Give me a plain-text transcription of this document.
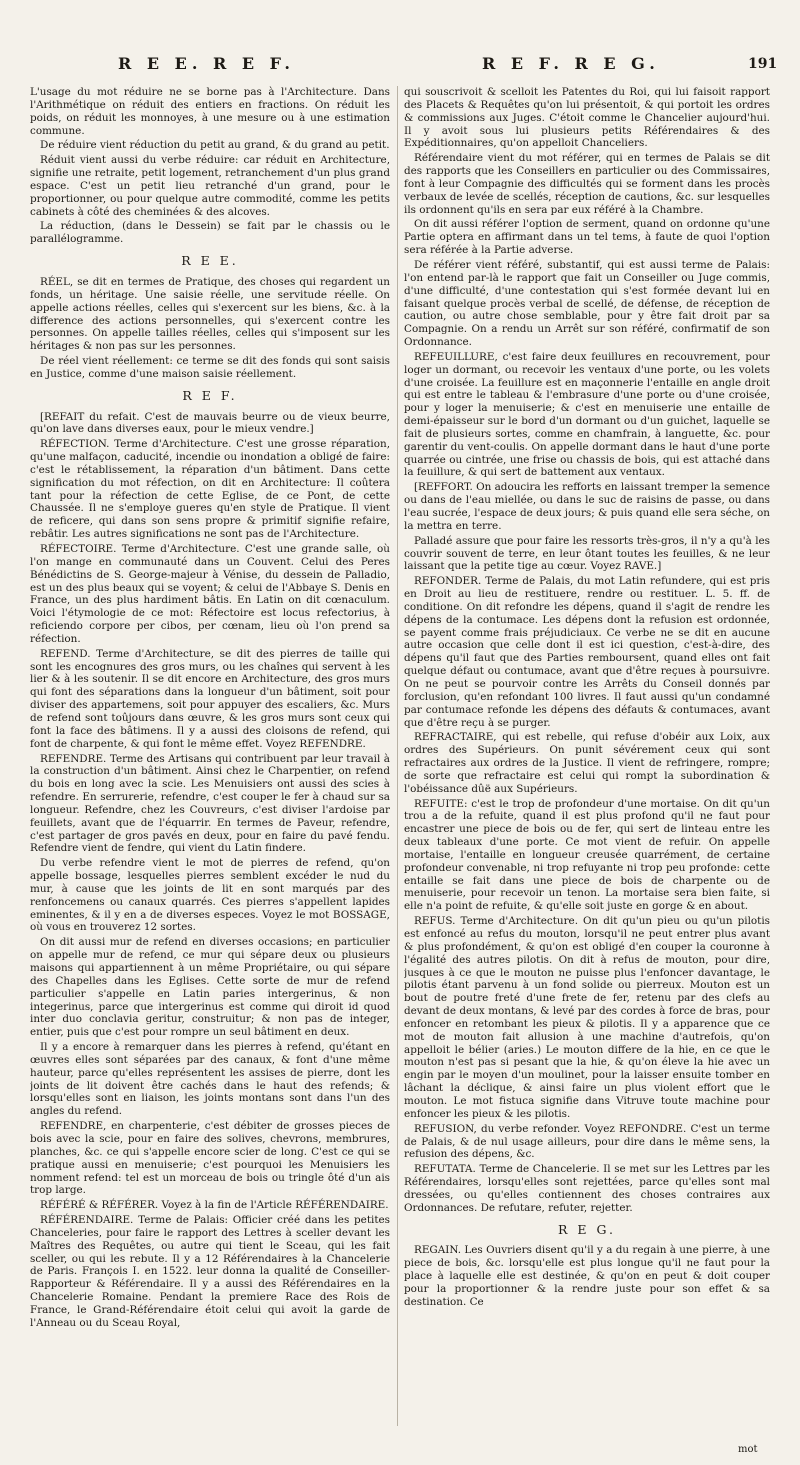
R E E. R E F.	R E F. R E G.	191

L'usage du mot réduire ne se borne pas à l'Architecture. Dans l'Arithmétique on réduit des entiers en fractions. On réduit les poids, on réduit les monnoyes, à une mesure ou à une estimation commune.

De réduire vient réduction du petit au grand, & du grand au petit.

Réduit vient aussi du verbe réduire: car réduit en Architecture, signifie une retraite, petit logement, retranchement d'un plus grand espace. C'est un petit lieu retranché d'un grand, pour le proportionner, ou pour quelque autre commodité, comme les petits cabinets à côté des cheminées & des alcoves.

La réduction, (dans le Dessein) se fait par le chassis ou le parallélogramme.

R E E.

RÉEL, se dit en termes de Pratique, des choses qui regardent un fonds, un héritage. Une saisie réelle, une servitude réelle. On appelle actions réelles, celles qui s'exercent sur les biens, &c. à la difference des actions personnelles, qui s'exercent contre les personnes. On appelle tailles réelles, celles qui s'imposent sur les héritages & non pas sur les personnes.

De réel vient réellement: ce terme se dit des fonds qui sont saisis en Justice, comme d'une maison saisie réellement.

R E F.

[REFAIT du refait. C'est de mauvais beurre ou de vieux beurre, qu'on lave dans diverses eaux, pour le mieux vendre.]

RÉFECTION. Terme d'Architecture. C'est une grosse réparation, qu'une malfaçon, caducité, incendie ou inondation a obligé de faire: c'est le rétablissement, la réparation d'un bâtiment. Dans cette signification du mot réfection, on dit en Architecture: Il coûtera tant pour la réfection de cette Eglise, de ce Pont, de cette Chaussée. Il ne s'employe gueres qu'en style de Pratique. Il vient de reficere, qui dans son sens propre & primitif signifie refaire, rebâtir. Les autres significations ne sont pas de l'Architecture.

RÉFECTOIRE. Terme d'Architecture. C'est une grande salle, où l'on mange en communauté dans un Couvent. Celui des Peres Bénédictins de S. George-majeur à Vénise, du dessein de Palladio, est un des plus beaux qui se voyent; & celui de l'Abbaye S. Denis en France, un des plus hardiment bâtis. En Latin on dit cœnaculum. Voici l'étymologie de ce mot: Réfectoire est locus refectorius, à reficiendo corpore per cibos, per cœnam, lieu où l'on prend sa réfection.

REFEND. Terme d'Architecture, se dit des pierres de taille qui sont les encognures des gros murs, ou les chaînes qui servent à les lier & à les soutenir. Il se dit encore en Architecture, des gros murs qui font des séparations dans la longueur d'un bâtiment, soit pour diviser des appartemens, soit pour appuyer des escaliers, &c. Murs de refend sont toûjours dans œuvre, & les gros murs sont ceux qui font la face des bâtimens. Il y a aussi des cloisons de refend, qui font de charpente, & qui font le même effet. Voyez REFENDRE.

REFENDRE. Terme des Artisans qui contribuent par leur travail à la construction d'un bâtiment. Ainsi chez le Charpentier, on refend du bois en long avec la scie. Les Menuisiers ont aussi des scies à refendre. En serrurerie, refendre, c'est couper le fer à chaud sur sa longueur. Refendre, chez les Couvreurs, c'est diviser l'ardoise par feuillets, avant que de l'équarrir. En termes de Paveur, refendre, c'est partager de gros pavés en deux, pour en faire du pavé fendu. Refendre vient de fendre, qui vient du Latin findere.

Du verbe refendre vient le mot de pierres de refend, qu'on appelle bossage, lesquelles pierres semblent excéder le nud du mur, à cause que les joints de lit en sont marqués par des renfoncemens ou canaux quarrés. Ces pierres s'appellent lapides eminentes, & il y en a de diverses especes. Voyez le mot BOSSAGE, où vous en trouverez 12 sortes.

On dit aussi mur de refend en diverses occasions; en particulier on appelle mur de refend, ce mur qui sépare deux ou plusieurs maisons qui appartiennent à un même Propriétaire, ou qui sépare des Chapelles dans les Eglises. Cette sorte de mur de refend particulier s'appelle en Latin paries intergerinus, & non integerinus, parce que intergerinus est comme qui diroit id quod inter duo conclavia geritur, construitur; & non pas de integer, entier, puis que c'est pour rompre un seul bâtiment en deux.

Il y a encore à remarquer dans les pierres à refend, qu'étant en œuvres elles sont séparées par des canaux, & font d'une même hauteur, parce qu'elles représentent les assises de pierre, dont les joints de lit doivent être cachés dans le haut des refends; & lorsqu'elles sont en liaison, les joints montans sont dans l'un des angles du refend.

REFENDRE, en charpenterie, c'est débiter de grosses pieces de bois avec la scie, pour en faire des solives, chevrons, membrures, planches, &c. ce qui s'appelle encore scier de long. C'est ce qui se pratique aussi en menuiserie; c'est pourquoi les Menuisiers les nomment refend: tel est un morceau de bois ou tringle ôté d'un ais trop large.

RÉFÉRÉ & RÉFÉRER. Voyez à la fin de l'Article RÉFÉRENDAIRE.

RÉFÉRENDAIRE. Terme de Palais: Officier créé dans les petites Chanceleries, pour faire le rapport des Lettres à sceller devant les Maîtres des Requêtes, ou autre qui tient le Sceau, qui les fait sceller, ou qui les rebute. Il y a 12 Référendaires à la Chancelerie de Paris. François I. en 1522. leur donna la qualité de Conseiller-Rapporteur & Référendaire. Il y a aussi des Référendaires en la Chancelerie Romaine. Pendant la premiere Race des Rois de France, le Grand-Référendaire étoit celui qui avoit la garde de l'Anneau ou du Sceau Royal,

qui souscrivoit & scelloit les Patentes du Roi, qui lui faisoit rapport des Placets & Requêtes qu'on lui présentoit, & qui portoit les ordres & commissions aux Juges. C'étoit comme le Chancelier aujourd'hui. Il y avoit sous lui plusieurs petits Référendaires & des Expéditionnaires, qu'on appelloit Chanceliers.

Référendaire vient du mot référer, qui en termes de Palais se dit des rapports que les Conseillers en particulier ou des Commissaires, font à leur Compagnie des difficultés qui se forment dans les procès verbaux de levée de scellés, réception de cautions, &c. sur lesquelles ils ordonnent qu'ils en sera par eux référé à la Chambre.

On dit aussi référer l'option de serment, quand on ordonne qu'une Partie optera en affirmant dans un tel tems, à faute de quoi l'option sera référée à la Partie adverse.

De référer vient référé, substantif, qui est aussi terme de Palais: l'on entend par-là le rapport que fait un Conseiller ou Juge commis, d'une difficulté, d'une contestation qui s'est formée devant lui en faisant quelque procès verbal de scellé, de défense, de réception de caution, ou autre chose semblable, pour y être fait droit par sa Compagnie. On a rendu un Arrêt sur son référé, confirmatif de son Ordonnance.

REFEUILLURE, c'est faire deux feuillures en recouvrement, pour loger un dormant, ou recevoir les ventaux d'une porte, ou les volets d'une croisée. La feuillure est en maçonnerie l'entaille en angle droit qui est entre le tableau & l'embrasure d'une porte ou d'une croisée, pour y loger la menuiserie; & c'est en menuiserie une entaille de demi-épaisseur sur le bord d'un dormant ou d'un guichet, laquelle se fait de plusieurs sortes, comme en chamfrain, à languette, &c. pour garentir du vent-coulis. On appelle dormant dans le haut d'une porte quarrée ou cintrée, une frise ou chassis de bois, qui est attaché dans la feuillure, & qui sert de battement aux ventaux.

[REFFORT. On adoucira les refforts en laissant tremper la semence ou dans de l'eau miellée, ou dans le suc de raisins de passe, ou dans l'eau sucrée, l'espace de deux jours; & puis quand elle sera séche, on la mettra en terre.

Palladé assure que pour faire les ressorts très-gros, il n'y a qu'à les couvrir souvent de terre, en leur ôtant toutes les feuilles, & ne leur laissant que la petite tige au cœur. Voyez RAVE.]

REFONDER. Terme de Palais, du mot Latin refundere, qui est pris en Droit au lieu de restituere, rendre ou restituer. L. 5. ff. de conditione. On dit refondre les dépens, quand il s'agit de rendre les dépens de la contumace. Les dépens dont la refusion est ordonnée, se payent comme frais préjudiciaux. Ce verbe ne se dit en aucune autre occasion que celle dont il est ici question, c'est-à-dire, des dépens qu'il faut que des Parties remboursent, quand elles ont fait quelque défaut ou contumace, avant que d'être reçues à poursuivre. On ne peut se pourvoir contre les Arrêts du Conseil donnés par forclusion, qu'en refondant 100 livres. Il faut aussi qu'un condamné par contumace refonde les dépens des défauts & contumaces, avant que d'être reçu à se purger.

REFRACTAIRE, qui est rebelle, qui refuse d'obéir aux Loix, aux ordres des Supérieurs. On punit sévérement ceux qui sont refractaires aux ordres de la Justice. Il vient de refringere, rompre; de sorte que refractaire est celui qui rompt la subordination & l'obéissance dûë aux Supérieurs.

REFUITE: c'est le trop de profondeur d'une mortaise. On dit qu'un trou a de la refuite, quand il est plus profond qu'il ne faut pour encastrer une piece de bois ou de fer, qui sert de linteau entre les deux tableaux d'une porte. Ce mot vient de refuir. On appelle mortaise, l'entaille en longueur creusée quarrément, de certaine profondeur convenable, ni trop refuyante ni trop peu profonde: cette entaille se fait dans une piece de bois de charpente ou de menuiserie, pour recevoir un tenon. La mortaise sera bien faite, si elle n'a point de refuite, & qu'elle soit juste en gorge & en about.

REFUS. Terme d'Architecture. On dit qu'un pieu ou qu'un pilotis est enfoncé au refus du mouton, lorsqu'il ne peut entrer plus avant & plus profondément, & qu'on est obligé d'en couper la couronne à l'égalité des autres pilotis. On dit à refus de mouton, pour dire, jusques à ce que le mouton ne puisse plus l'enfoncer davantage, le pilotis étant parvenu à un fond solide ou pierreux. Mouton est un bout de poutre freté d'une frete de fer, retenu par des clefs au devant de deux montans, & levé par des cordes à force de bras, pour enfoncer en retombant les pieux & pilotis. Il y a apparence que ce mot de mouton fait allusion à une machine d'autrefois, qu'on appelloit le bélier (aries.) Le mouton differe de la hie, en ce que le mouton n'est pas si pesant que la hie, & qu'on éleve la hie avec un engin par le moyen d'un moulinet, pour la laisser ensuite tomber en lâchant la déclique, & ainsi faire un plus violent effort que le mouton. Le mot fistuca signifie dans Vitruve toute machine pour enfoncer les pieux & les pilotis.

REFUSION, du verbe refonder. Voyez REFONDRE. C'est un terme de Palais, & de nul usage ailleurs, pour dire dans le même sens, la refusion des dépens, &c.

REFUTATA. Terme de Chancelerie. Il se met sur les Lettres par les Référendaires, lorsqu'elles sont rejettées, parce qu'elles sont mal dressées, ou qu'elles contiennent des choses contraires aux Ordonnances. De refutare, refuter, rejetter.

R E G.

REGAIN. Les Ouvriers disent qu'il y a du regain à une pierre, à une piece de bois, &c. lorsqu'elle est plus longue qu'il ne faut pour la place à laquelle elle est destinée, & qu'on en peut & doit couper pour la proportionner & la rendre juste pour son effet & sa destination. Ce

mot
